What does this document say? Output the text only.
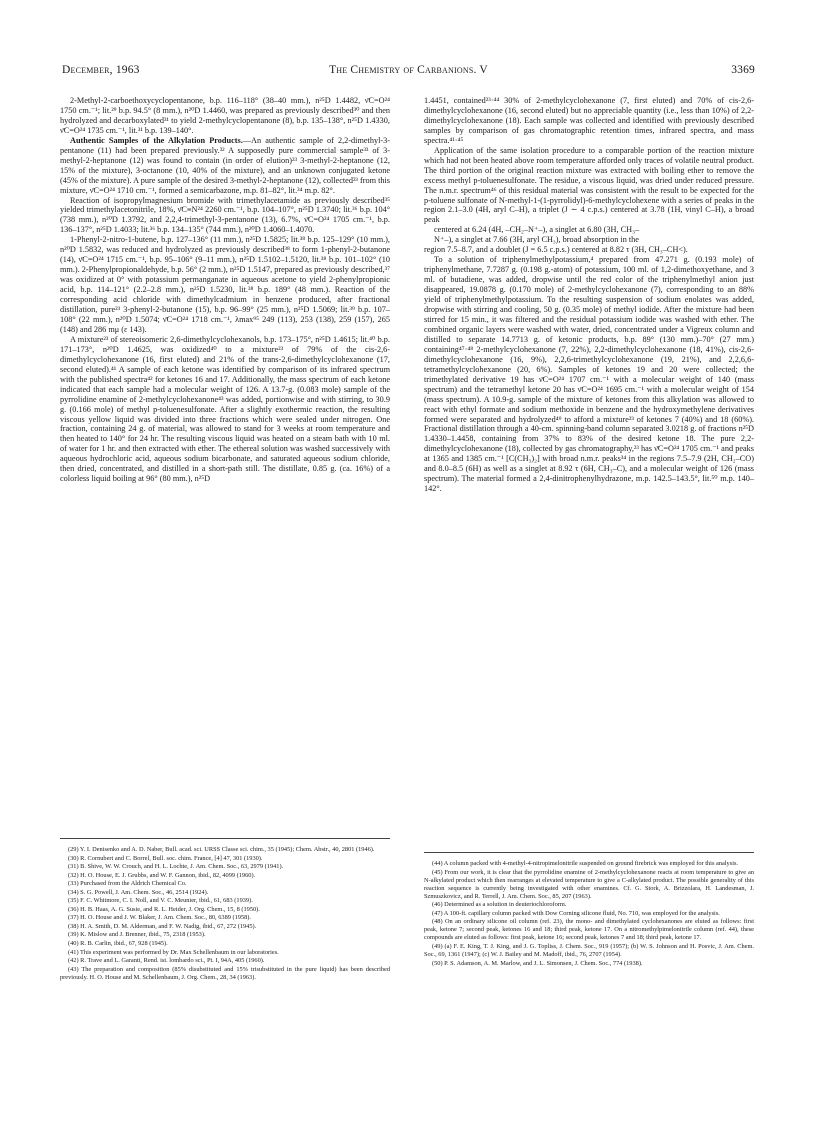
December, 1963	The Chemistry of Carbanions. V	3369

2-Methyl-2-carboethoxycyclopentanone, b.p. 116–118° (38–40 mm.), n²⁵D 1.4482, ν̄C=O²⁴ 1750 cm.⁻¹; lit.²⁹ b.p. 94.5° (8 mm.), n²⁰D 1.4460, was prepared as previously described³⁰ and then hydrolyzed and decarboxylated³¹ to yield 2-methylcyclopentanone (8), b.p. 135–138°, n²⁵D 1.4330, ν̄C=O²⁴ 1735 cm.⁻¹, lit.³¹ b.p. 139–140°.

Authentic Samples of the Alkylation Products.—An authentic sample of 2,2-dimethyl-3-pentanone (11) had been prepared previously.³² A supposedly pure commercial sample³³ of 3-methyl-2-heptanone (12) was found to contain (in order of elution)²³ 3-methyl-2-heptanone (12, 15% of the mixture), 3-octanone (10, 40% of the mixture), and an unknown conjugated ketone (45% of the mixture). A pure sample of the desired 3-methyl-2-heptanone (12), collected²³ from this mixture, ν̄C=O²⁴ 1710 cm.⁻¹, formed a semicarbazone, m.p. 81–82°, lit.³⁴ m.p. 82°.

Reaction of isopropylmagnesium bromide with trimethylacetamide as previously described³⁵ yielded trimethylacetonitrile, 18%, ν̄C≡N²⁴ 2260 cm.⁻¹, b.p. 104–107°, n²⁵D 1.3740; lit.³⁶ b.p. 104° (738 mm.), n²⁰D 1.3792, and 2,2,4-trimethyl-3-pentanone (13), 6.7%, ν̄C=O²⁴ 1705 cm.⁻¹, b.p. 136–137°, n²⁵D 1.4033; lit.³⁶ b.p. 134–135° (744 mm.), n²⁰D 1.4060–1.4070.

1-Phenyl-2-nitro-1-butene, b.p. 127–136° (11 mm.), n²⁵D 1.5825; lit.³⁸ b.p. 125–129° (10 mm.), n²⁰D 1.5832, was reduced and hydrolyzed as previously described³⁸ to form 1-phenyl-2-butanone (14), ν̄C=O²⁴ 1715 cm.⁻¹, b.p. 95–106° (9–11 mm.), n²⁵D 1.5102–1.5120, lit.³⁸ b.p. 101–102° (10 mm.). 2-Phenylpropionaldehyde, b.p. 56° (2 mm.), n²⁵D 1.5147, prepared as previously described,³⁷ was oxidized at 0° with potassium permanganate in aqueous acetone to yield 2-phenylpropionic acid, b.p. 114–121° (2.2–2.8 mm.), n²⁵D 1.5230, lit.³⁸ b.p. 189° (48 mm.). Reaction of the corresponding acid chloride with dimethylcadmium in benzene produced, after fractional distillation, pure²³ 3-phenyl-2-butanone (15), b.p. 96–99° (25 mm.), n²⁵D 1.5069; lit.³⁹ b.p. 107–108° (22 mm.), n²⁰D 1.5074; ν̄C=O²⁴ 1718 cm.⁻¹, λmax⁹⁵ 249 (113), 253 (138), 259 (157), 265 (148) and 286 mμ (ε 143).

A mixture²³ of stereoisomeric 2,6-dimethylcyclohexanols, b.p. 173–175°, n²⁵D 1.4615; lit.⁴⁰ b.p. 171–173°, n²⁰D 1.4625, was oxidized⁴⁰ to a mixture²³ of 79% of the cis-2,6-dimethylcyclohexanone (16, first eluted) and 21% of the trans-2,6-dimethylcyclohexanone (17, second eluted).⁴¹ A sample of each ketone was identified by comparison of its infrared spectrum with the published spectra⁴² for ketones 16 and 17. Additionally, the mass spectrum of each ketone indicated that each sample had a molecular weight of 126. A 13.7-g. (0.083 mole) sample of the pyrrolidine enamine of 2-methylcyclohexanone⁴³ was added, portionwise and with stirring, to 30.9 g. (0.166 mole) of methyl p-toluenesulfonate. After a slightly exothermic reaction, the resulting viscous yellow liquid was divided into three fractions which were sealed under nitrogen. One fraction, containing 24 g. of material, was allowed to stand for 3 weeks at room temperature and then heated to 140° for 24 hr. The resulting viscous liquid was heated on a steam bath with 10 ml. of water for 1 hr. and then extracted with ether. The ethereal solution was washed successively with aqueous hydrochloric acid, aqueous sodium bicarbonate, and saturated aqueous sodium chloride, then dried, concentrated, and distilled in a short-path still. The distillate, 0.85 g. (ca. 16%) of a colorless liquid boiling at 96° (80 mm.), n²⁵D

1.4451, contained²³·⁴⁴ 30% of 2-methylcyclohexanone (7, first eluted) and 70% of cis-2,6-dimethylcyclohexanone (16, second eluted) but no appreciable quantity (i.e., less than 10%) of 2,2-dimethylcyclohexanone (18). Each sample was collected and identified with previously described samples by comparison of gas chromatographic retention times, infrared spectra, and mass spectra.⁴¹·⁴⁵

Application of the same isolation procedure to a comparable portion of the reaction mixture which had not been heated above room temperature afforded only traces of volatile neutral product. The third portion of the original reaction mixture was extracted with boiling ether to remove the excess methyl p-toluenesulfonate. The residue, a viscous liquid, was dried under reduced pressure. The n.m.r. spectrum⁴⁶ of this residual material was consistent with the result to be expected for the p-toluene sulfonate of N-methyl-1-(1-pyrrolidyl)-6-methylcyclohexene with a series of peaks in the region 2.1–3.0 (4H, aryl C–H), a triplet (J ∼ 4 c.p.s.) centered at 3.78 (1H, vinyl C–H), a broad peak

centered at 6.24 (4H, –CH₂–N⁺–), a singlet at 6.80 (3H, CH₃–

N⁺–), a singlet at 7.66 (3H, aryl CH₃), broad absorption in the

region 7.5–8.7, and a doublet (J = 6.5 c.p.s.) centered at 8.82 τ (3H, CH₃–CH<).

To a solution of triphenylmethylpotassium,⁴ prepared from 47.271 g. (0.193 mole) of triphenylmethane, 7.7287 g. (0.198 g.-atom) of potassium, 100 ml. of 1,2-dimethoxyethane, and 3 ml. of butadiene, was added, dropwise until the red color of the triphenylmethyl anion just disappeared, 19.0878 g. (0.170 mole) of 2-methylcyclohexanone (7), corresponding to an 88% yield of triphenylmethylpotassium. To the resulting suspension of sodium enolates was added, dropwise with stirring and cooling, 50 g. (0.35 mole) of methyl iodide. After the mixture had been stirred for 15 min., it was filtered and the residual potassium iodide was washed with ether. The combined organic layers were washed with water, dried, concentrated under a Vigreux column and distilled to separate 14.7713 g. of ketonic products, b.p. 89° (130 mm.)–70° (27 mm.) containing⁴⁷·⁴⁸ 2-methylcyclohexanone (7, 22%), 2,2-dimethylcyclohexanone (18, 41%), cis-2,6-dimethylcyclohexanone (16, 9%), 2,2,6-trimethylcyclohexanone (19, 21%), and 2,2,6,6-tetramethylcyclohexanone (20, 6%). Samples of ketones 19 and 20 were collected; the trimethylated derivative 19 has ν̄C=O²⁴ 1707 cm.⁻¹ with a molecular weight of 140 (mass spectrum) and the tetramethyl ketone 20 has ν̄C=O²⁴ 1695 cm.⁻¹ with a molecular weight of 154 (mass spectrum). A 10.9-g. sample of the mixture of ketones from this alkylation was allowed to react with ethyl formate and sodium methoxide in benzene and the hydroxymethylene derivatives formed were separated and hydrolyzed⁴⁹ to afford a mixture²³ of ketones 7 (40%) and 18 (60%). Fractional distillation through a 40-cm. spinning-band column separated 3.0218 g. of fractions n²⁵D 1.4330–1.4458, containing from 37% to 83% of the desired ketone 18. The pure 2,2-dimethylcyclohexanone (18), collected by gas chromatography,²³ has ν̄C=O²⁴ 1705 cm.⁻¹ and peaks at 1365 and 1385 cm.⁻¹ [C(CH₃)₂] with broad n.m.r. peaks³⁴ in the regions 7.5–7.9 (2H, CH₂–CO) and 8.0–8.5 (6H) as well as a singlet at 8.92 τ (6H, CH₃–C), and a molecular weight of 126 (mass spectrum). The material formed a 2,4-dinitrophenylhydrazone, m.p. 142.5–143.5°, lit.⁵⁰ m.p. 140–142°.

(29) Y. I. Denisenko and A. D. Naber, Bull. acad. sci. URSS Classe sci. chim., 35 (1945); Chem. Abstr., 40, 2801 (1946).

(30) R. Cornubert and C. Borrel, Bull. soc. chim. France, [4] 47, 301 (1930).

(31) B. Shive, W. W. Crouch, and H. L. Lochte, J. Am. Chem. Soc., 63, 2979 (1941).

(32) H. O. House, E. J. Grubbs, and W. F. Gannon, ibid., 82, 4099 (1960).

(33) Purchased from the Aldrich Chemical Co.

(34) S. G. Powell, J. Am. Chem. Soc., 46, 2514 (1924).

(35) F. C. Whitmore, C. I. Noll, and V. C. Meunier, ibid., 61, 683 (1939).

(36) H. B. Haas, A. G. Susie, and R. L. Heider, J. Org. Chem., 15, 8 (1950).

(37) H. O. House and J. W. Blaker, J. Am. Chem. Soc., 80, 6389 (1958).

(38) H. A. Smith, D. M. Alderman, and F. W. Nadig, ibid., 67, 272 (1945).

(39) K. Mislow and J. Brenner, ibid., 75, 2318 (1953).

(40) R. B. Carlin, ibid., 67, 928 (1945).

(41) This experiment was performed by Dr. Max Schellenbaum in our laboratories.

(42) R. Trave and L. Garanti, Rend. ist. lombardo sci., Pt. I, 94A, 405 (1960).

(43) The preparation and composition (85% disubstituted and 15% trisubstituted in the pure liquid) has been described previously. H. O. House and M. Schellenbaum, J. Org. Chem., 28, 34 (1963).

(44) A column packed with 4-methyl-4-nitropimelonitrile suspended on ground firebrick was employed for this analysis.

(45) From our work, it is clear that the pyrrolidine enamine of 2-methylcyclohexanone reacts at room temperature to give an N-alkylated product which then rearranges at elevated temperature to give a C-alkylated product. The possible generality of this reaction sequence is currently being investigated with other enamines. Cf. G. Stork, A. Brizzolara, H. Landesman, J. Szmuszkovicz, and R. Terrell, J. Am. Chem. Soc., 85, 207 (1963).

(46) Determined as a solution in deuteriochloroform.

(47) A 100-ft. capillary column packed with Dow Corning silicone fluid, No. 710, was employed for the analysis.

(48) On an ordinary silicone oil column (ref. 23), the mono- and dimethylated cyclohexanones are eluted as follows: first peak, ketone 7; second peak, ketones 16 and 18; third peak, ketone 17. On a nitromethylpimelonitrile column (ref. 44), these compounds are eluted as follows: first peak, ketone 16; second peak, ketones 7 and 18; third peak, ketone 17.

(49) (a) F. E. King, T. J. King, and J. G. Topliss, J. Chem. Soc., 919 (1957); (b) W. S. Johnson and H. Posvic, J. Am. Chem. Soc., 69, 1361 (1947); (c) W. J. Bailey and M. Madoff, ibid., 76, 2707 (1954).

(50) P. S. Adamson, A. M. Marlow, and J. L. Simonsen, J. Chem. Soc., 774 (1938).
